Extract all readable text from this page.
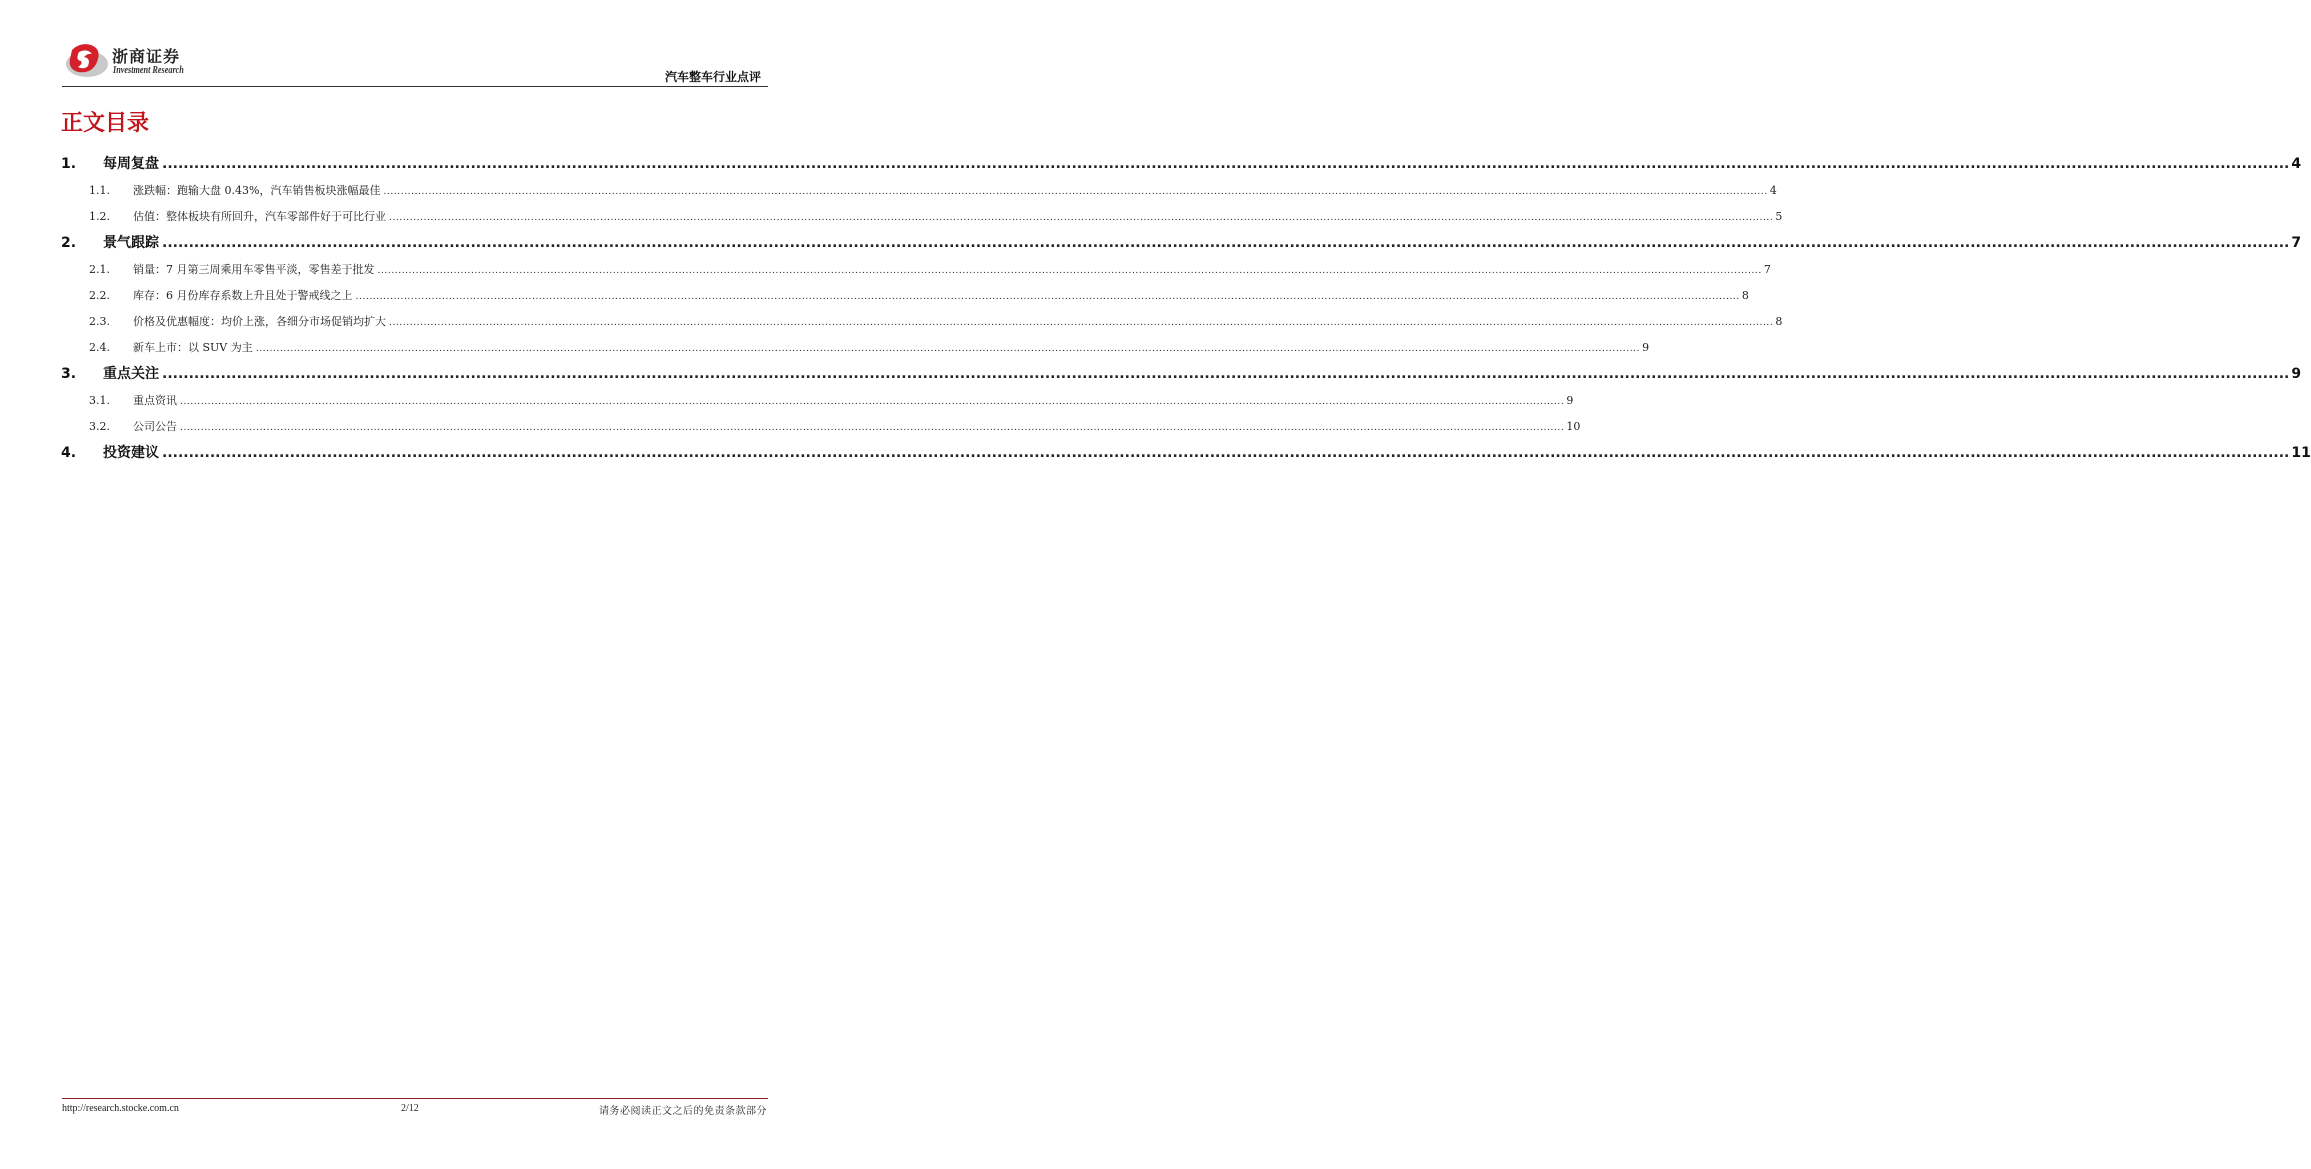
浙商证券
Investment Research	汽车整车行业点评
正文目录
1.	每周复盘 ................................................................................................................................................................................................................................................................................................................................................................................................................ 4
1.1.	涨跌幅：跑输大盘 0.43%，汽车销售板块涨幅最佳 ................................................................................................................................................................................................................................................................................................................................................................................................................ 4
1.2.	估值：整体板块有所回升，汽车零部件好于可比行业 ................................................................................................................................................................................................................................................................................................................................................................................................................ 5
2.	景气跟踪 ................................................................................................................................................................................................................................................................................................................................................................................................................ 7
2.1.	销量：7 月第三周乘用车零售平淡，零售差于批发 ................................................................................................................................................................................................................................................................................................................................................................................................................ 7
2.2.	库存：6 月份库存系数上升且处于警戒线之上 ................................................................................................................................................................................................................................................................................................................................................................................................................ 8
2.3.	价格及优惠幅度：均价上涨，各细分市场促销均扩大 ................................................................................................................................................................................................................................................................................................................................................................................................................ 8
2.4.	新车上市：以 SUV 为主 ................................................................................................................................................................................................................................................................................................................................................................................................................ 9
3.	重点关注 ................................................................................................................................................................................................................................................................................................................................................................................................................ 9
3.1.	重点资讯 ................................................................................................................................................................................................................................................................................................................................................................................................................ 9
3.2.	公司公告 ................................................................................................................................................................................................................................................................................................................................................................................................................ 10
4.	投资建议 ................................................................................................................................................................................................................................................................................................................................................................................................................ 11
http://research.stocke.com.cn	2/12	请务必阅读正文之后的免责条款部分
